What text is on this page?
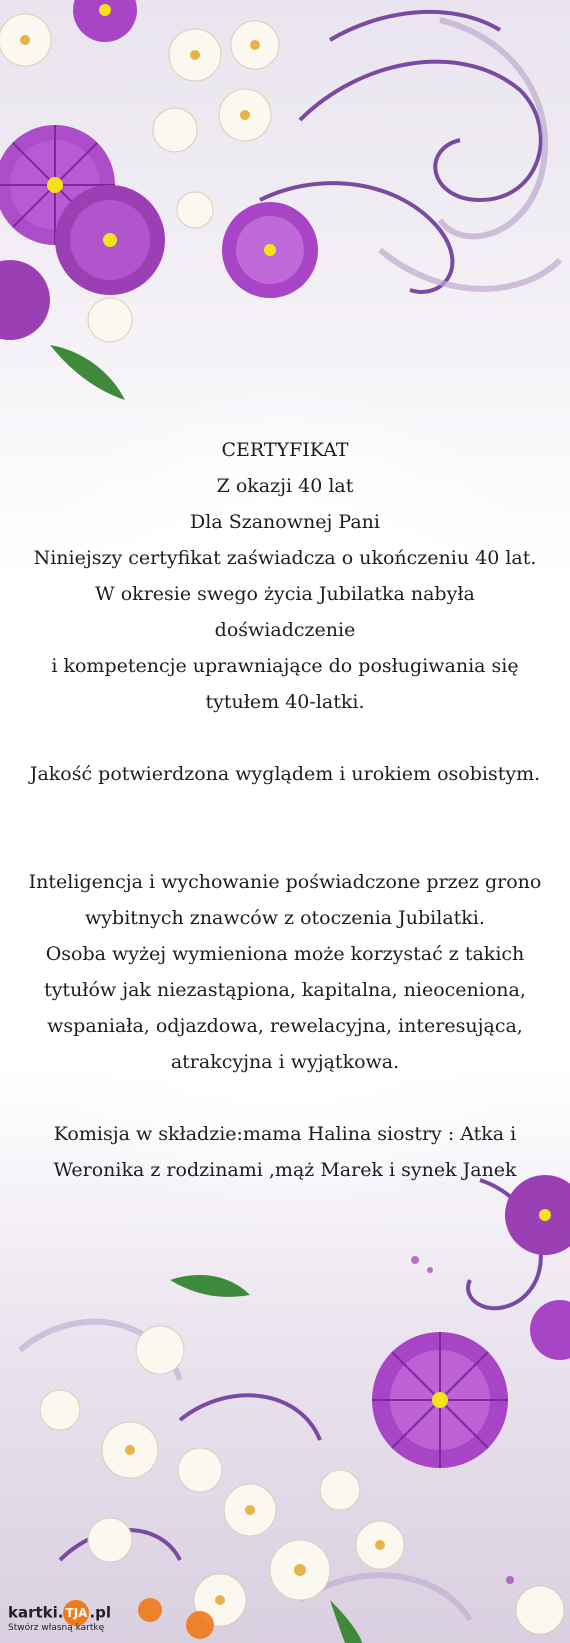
CERTYFIKAT
Z okazji 40 lat
Dla Szanownej Pani
Niniejszy certyfikat zaświadcza o ukończeniu 40 lat.
W okresie swego życia Jubilatka nabyła
doświadczenie
i kompetencje uprawniające do posługiwania się
tytułem 40-latki.
Jakość potwierdzona wyglądem i urokiem osobistym.
Inteligencja i wychowanie poświadczone przez grono
wybitnych znawców z otoczenia Jubilatki.
Osoba wyżej wymieniona może korzystać z takich
tytułów jak niezastąpiona, kapitalna, nieoceniona,
wspaniała, odjazdowa, rewelacyjna, interesująca,
atrakcyjna i wyjątkowa.
Komisja w składzie:mama Halina siostry : Atka i
Weronika z rodzinami ,mąż Marek i synek Janek
kartki. TJA .pl
Stwórz własną kartkę
